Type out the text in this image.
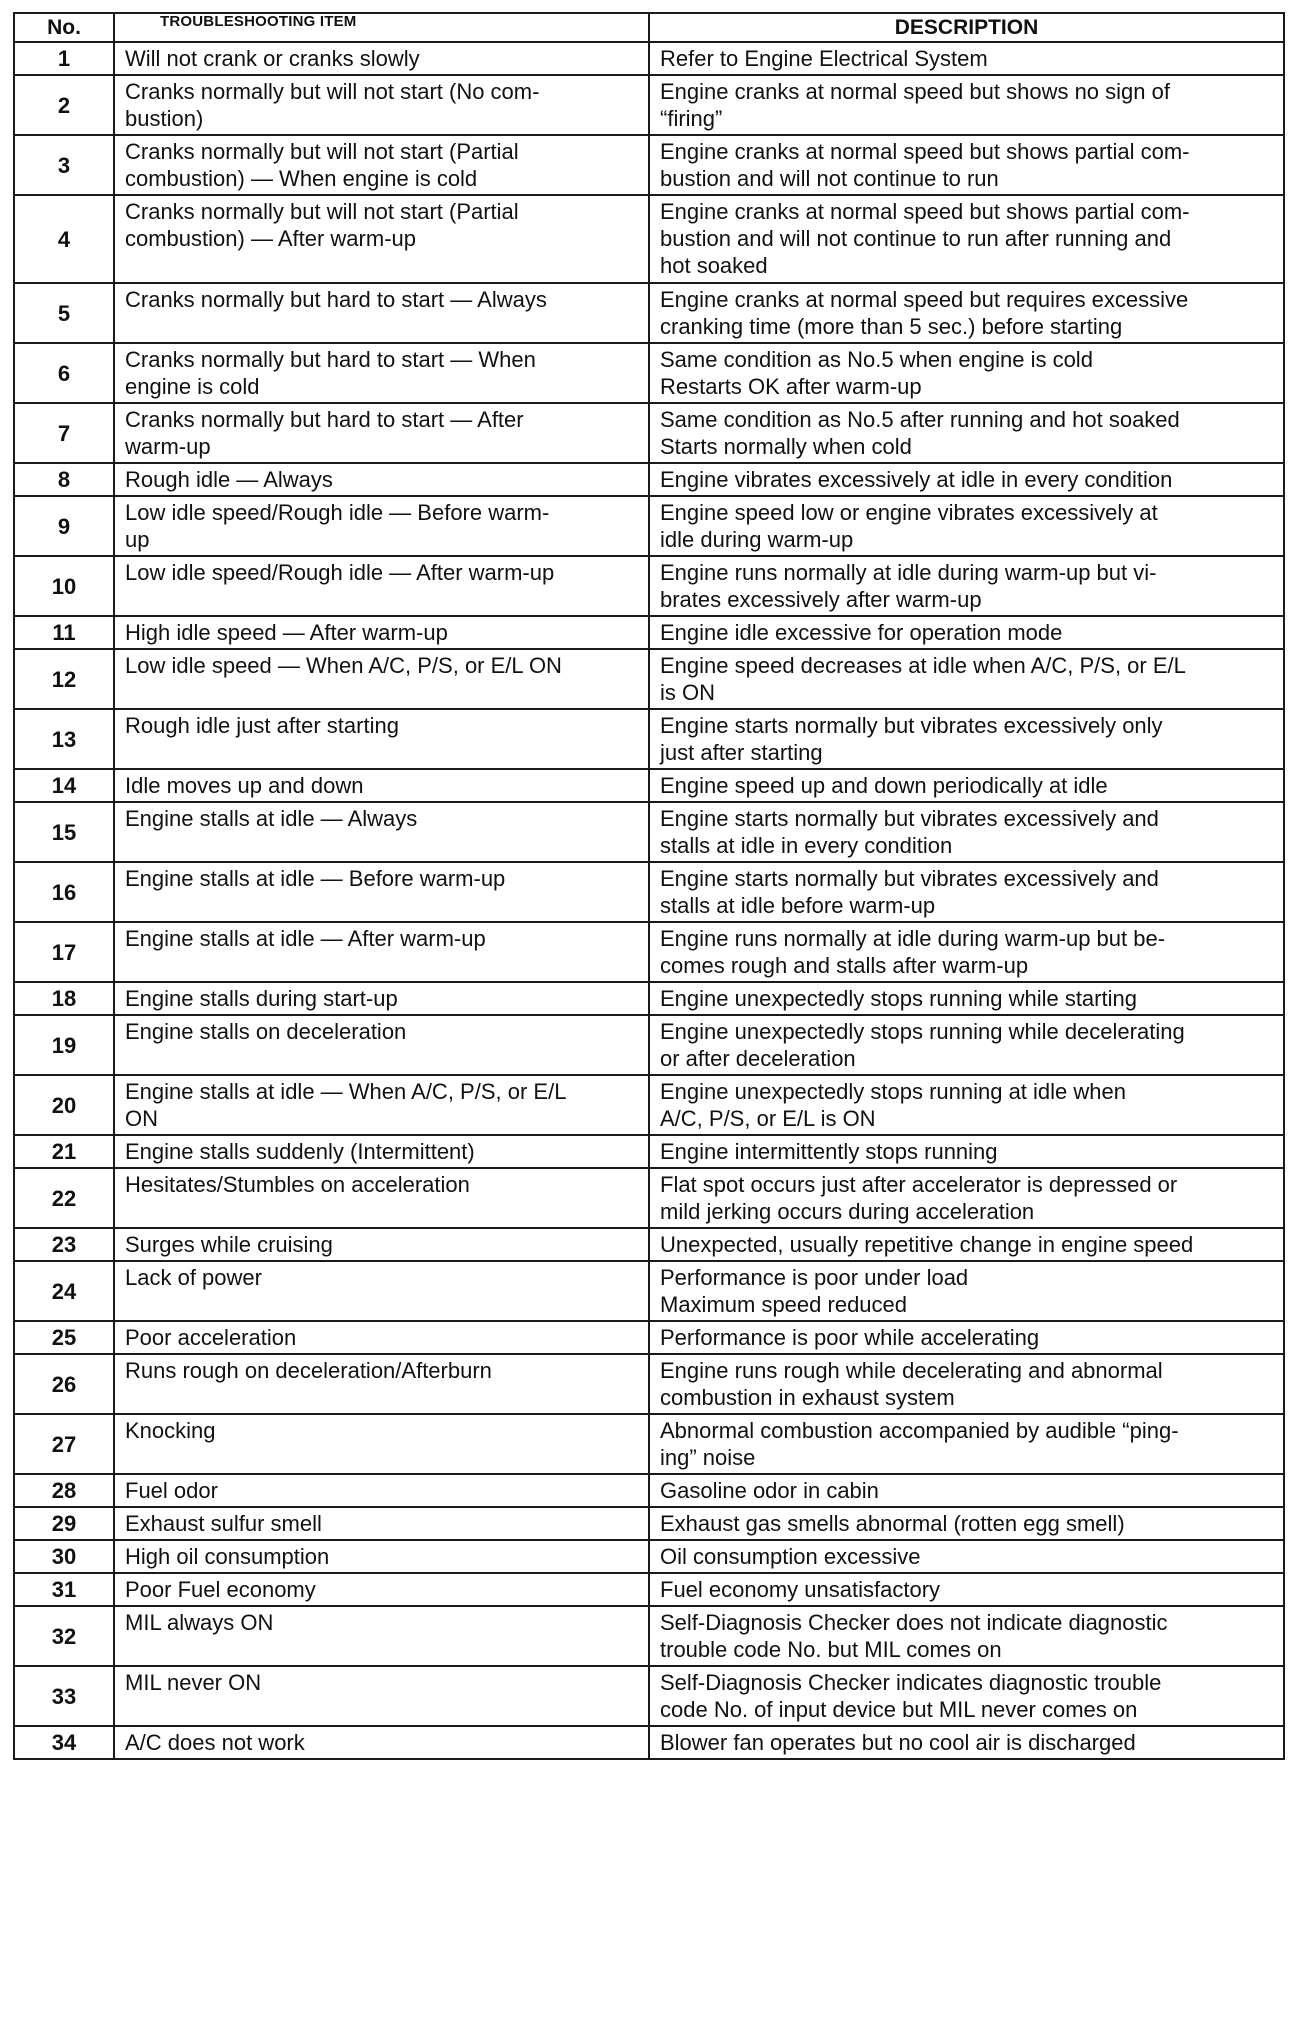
No.	TROUBLESHOOTING ITEM	DESCRIPTION
1	Will not crank or cranks slowly	Refer to Engine Electrical System

2	Cranks normally but will not start (No com-
bustion)	Engine cranks at normal speed but shows no sign of
“firing”

3	Cranks normally but will not start (Partial
combustion) — When engine is cold	Engine cranks at normal speed but shows partial com-
bustion and will not continue to run

4	Cranks normally but will not start (Partial
combustion) — After warm-up	Engine cranks at normal speed but shows partial com-
bustion and will not continue to run after running and
hot soaked

5	Cranks normally but hard to start — Always	Engine cranks at normal speed but requires excessive
cranking time (more than 5 sec.) before starting

6	Cranks normally but hard to start — When
engine is cold	Same condition as No.5 when engine is cold
Restarts OK after warm-up

7	Cranks normally but hard to start — After
warm-up	Same condition as No.5 after running and hot soaked
Starts normally when cold

8	Rough idle — Always	Engine vibrates excessively at idle in every condition

9	Low idle speed/Rough idle — Before warm-
up	Engine speed low or engine vibrates excessively at
idle during warm-up

10	Low idle speed/Rough idle — After warm-up	Engine runs normally at idle during warm-up but vi-
brates excessively after warm-up

11	High idle speed — After warm-up	Engine idle excessive for operation mode

12	Low idle speed — When A/C, P/S, or E/L ON	Engine speed decreases at idle when A/C, P/S, or E/L
is ON

13	Rough idle just after starting	Engine starts normally but vibrates excessively only
just after starting

14	Idle moves up and down	Engine speed up and down periodically at idle

15	Engine stalls at idle — Always	Engine starts normally but vibrates excessively and
stalls at idle in every condition

16	Engine stalls at idle — Before warm-up	Engine starts normally but vibrates excessively and
stalls at idle before warm-up

17	Engine stalls at idle — After warm-up	Engine runs normally at idle during warm-up but be-
comes rough and stalls after warm-up

18	Engine stalls during start-up	Engine unexpectedly stops running while starting

19	Engine stalls on deceleration	Engine unexpectedly stops running while decelerating
or after deceleration

20	Engine stalls at idle — When A/C, P/S, or E/L
ON	Engine unexpectedly stops running at idle when
A/C, P/S, or E/L is ON

21	Engine stalls suddenly (Intermittent)	Engine intermittently stops running

22	Hesitates/Stumbles on acceleration	Flat spot occurs just after accelerator is depressed or
mild jerking occurs during acceleration

23	Surges while cruising	Unexpected, usually repetitive change in engine speed

24	Lack of power	Performance is poor under load
Maximum speed reduced

25	Poor acceleration	Performance is poor while accelerating

26	Runs rough on deceleration/Afterburn	Engine runs rough while decelerating and abnormal
combustion in exhaust system

27	Knocking	Abnormal combustion accompanied by audible “ping-
ing” noise

28	Fuel odor	Gasoline odor in cabin

29	Exhaust sulfur smell	Exhaust gas smells abnormal (rotten egg smell)

30	High oil consumption	Oil consumption excessive

31	Poor Fuel economy	Fuel economy unsatisfactory

32	MIL always ON	Self-Diagnosis Checker does not indicate diagnostic
trouble code No. but MIL comes on

33	MIL never ON	Self-Diagnosis Checker indicates diagnostic trouble
code No. of input device but MIL never comes on

34	A/C does not work	Blower fan operates but no cool air is discharged
